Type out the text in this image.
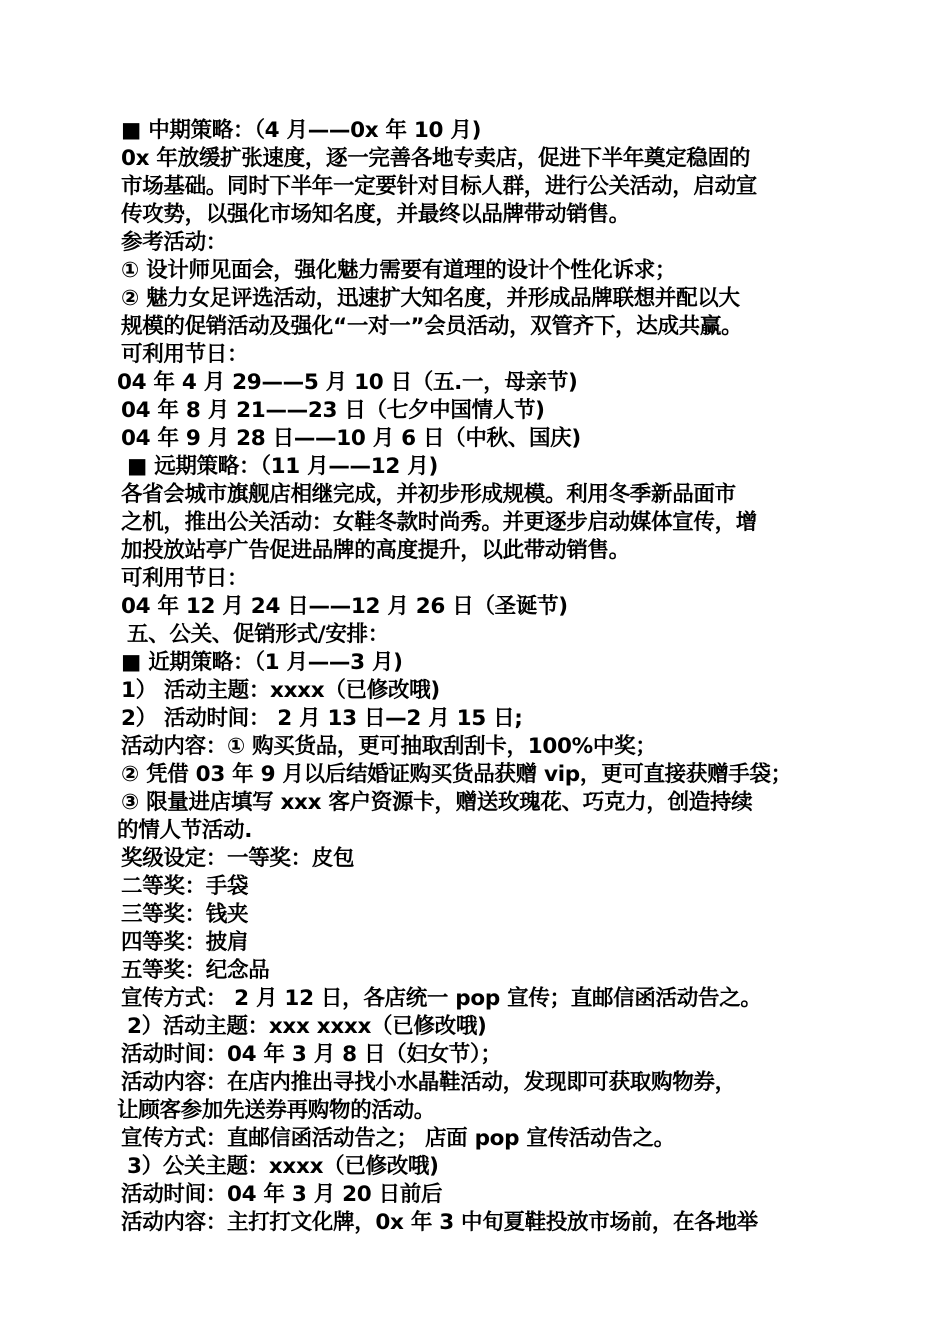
■ 中期策略：（4 月——0x 年 10 月)
0x 年放缓扩张速度，逐一完善各地专卖店，促进下半年奠定稳固的
市场基础。同时下半年一定要针对目标人群，进行公关活动，启动宣
传攻势，以强化市场知名度，并最终以品牌带动销售。
参考活动：
① 设计师见面会，强化魅力需要有道理的设计个性化诉求；
② 魅力女足评选活动，迅速扩大知名度，并形成品牌联想并配以大
规模的促销活动及强化“一对一”会员活动，双管齐下，达成共赢。
可利用节日：
04 年 4 月 29——5 月 10 日（五.一，母亲节)
04 年 8 月 21——23 日（七夕中国情人节)
04 年 9 月 28 日——10 月 6 日（中秋、国庆)
■ 远期策略：（11 月——12 月)
各省会城市旗舰店相继完成，并初步形成规模。利用冬季新品面市
之机，推出公关活动：女鞋冬款时尚秀。并更逐步启动媒体宣传，增
加投放站亭广告促进品牌的高度提升，以此带动销售。
可利用节日：
04 年 12 月 24 日——12 月 26 日（圣诞节)
五、公关、促销形式/安排：
■ 近期策略：（1 月——3 月)
1） 活动主题：xxxx（已修改哦)
2） 活动时间： 2 月 13 日—2 月 15 日;
活动内容：① 购买货品，更可抽取刮刮卡，100%中奖；
② 凭借 03 年 9 月以后结婚证购买货品获赠 vip，更可直接获赠手袋；
③ 限量进店填写 xxx 客户资源卡，赠送玫瑰花、巧克力，创造持续
的情人节活动.
奖级设定：一等奖：皮包
二等奖：手袋
三等奖：钱夹
四等奖：披肩
五等奖：纪念品
宣传方式： 2 月 12 日，各店统一 pop 宣传；直邮信函活动告之。
2）活动主题：xxx xxxx（已修改哦)
活动时间：04 年 3 月 8 日（妇女节）；
活动内容：在店内推出寻找小水晶鞋活动，发现即可获取购物券，
让顾客参加先送券再购物的活动。
宣传方式：直邮信函活动告之； 店面 pop 宣传活动告之。
3）公关主题：xxxx（已修改哦)
活动时间：04 年 3 月 20 日前后
活动内容：主打打文化牌，0x 年 3 中旬夏鞋投放市场前，在各地举
